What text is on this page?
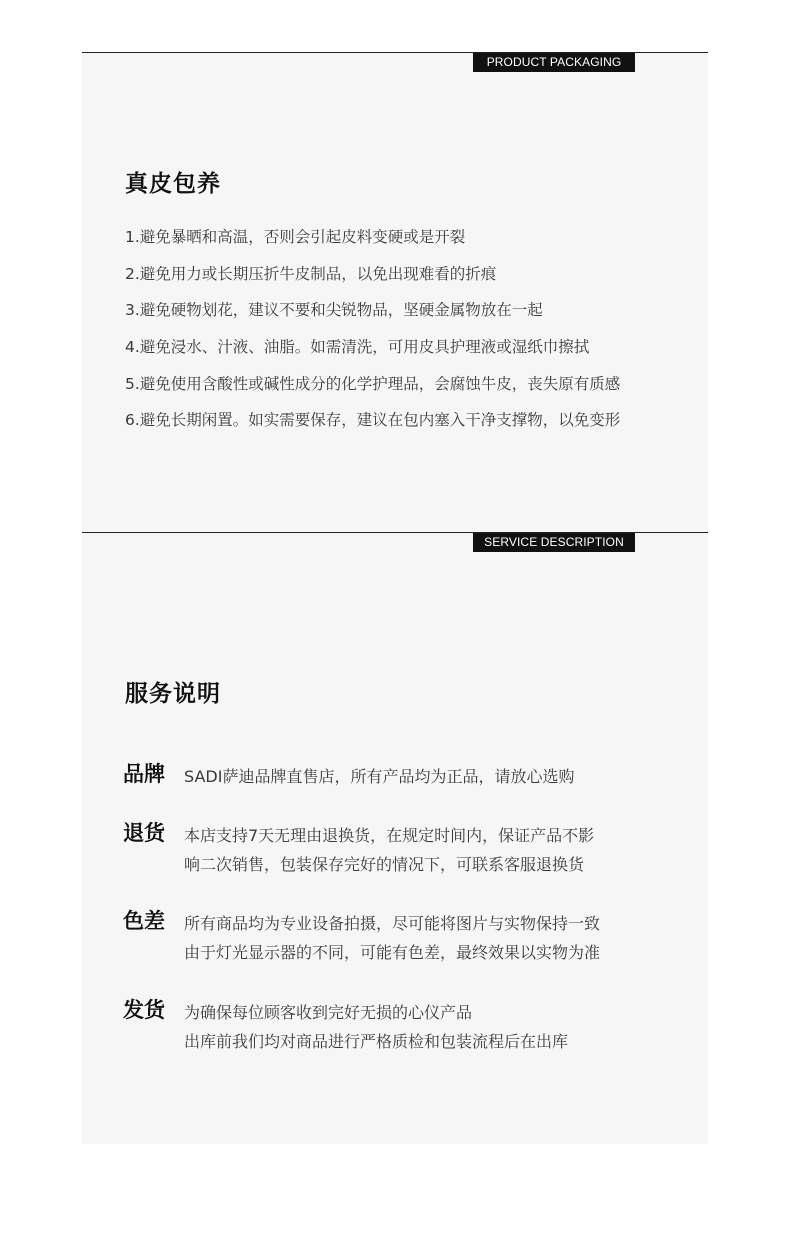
PRODUCT PACKAGING
真皮包养
1.避免暴晒和高温，否则会引起皮料变硬或是开裂
2.避免用力或长期压折牛皮制品，以免出现难看的折痕
3.避免硬物划花，建议不要和尖锐物品，坚硬金属物放在一起
4.避免浸水、汁液、油脂。如需清洗，可用皮具护理液或湿纸巾擦拭
5.避免使用含酸性或碱性成分的化学护理品，会腐蚀牛皮，丧失原有质感
6.避免长期闲置。如实需要保存，建议在包内塞入干净支撑物，以免变形
SERVICE DESCRIPTION
服务说明
品牌 SADI萨迪品牌直售店，所有产品均为正品，请放心选购
退货 本店支持7天无理由退换货，在规定时间内，保证产品不影
响二次销售，包装保存完好的情况下，可联系客服退换货
色差 所有商品均为专业设备拍摄，尽可能将图片与实物保持一致
由于灯光显示器的不同，可能有色差，最终效果以实物为准
发货 为确保每位顾客收到完好无损的心仪产品
出库前我们均对商品进行严格质检和包装流程后在出库
